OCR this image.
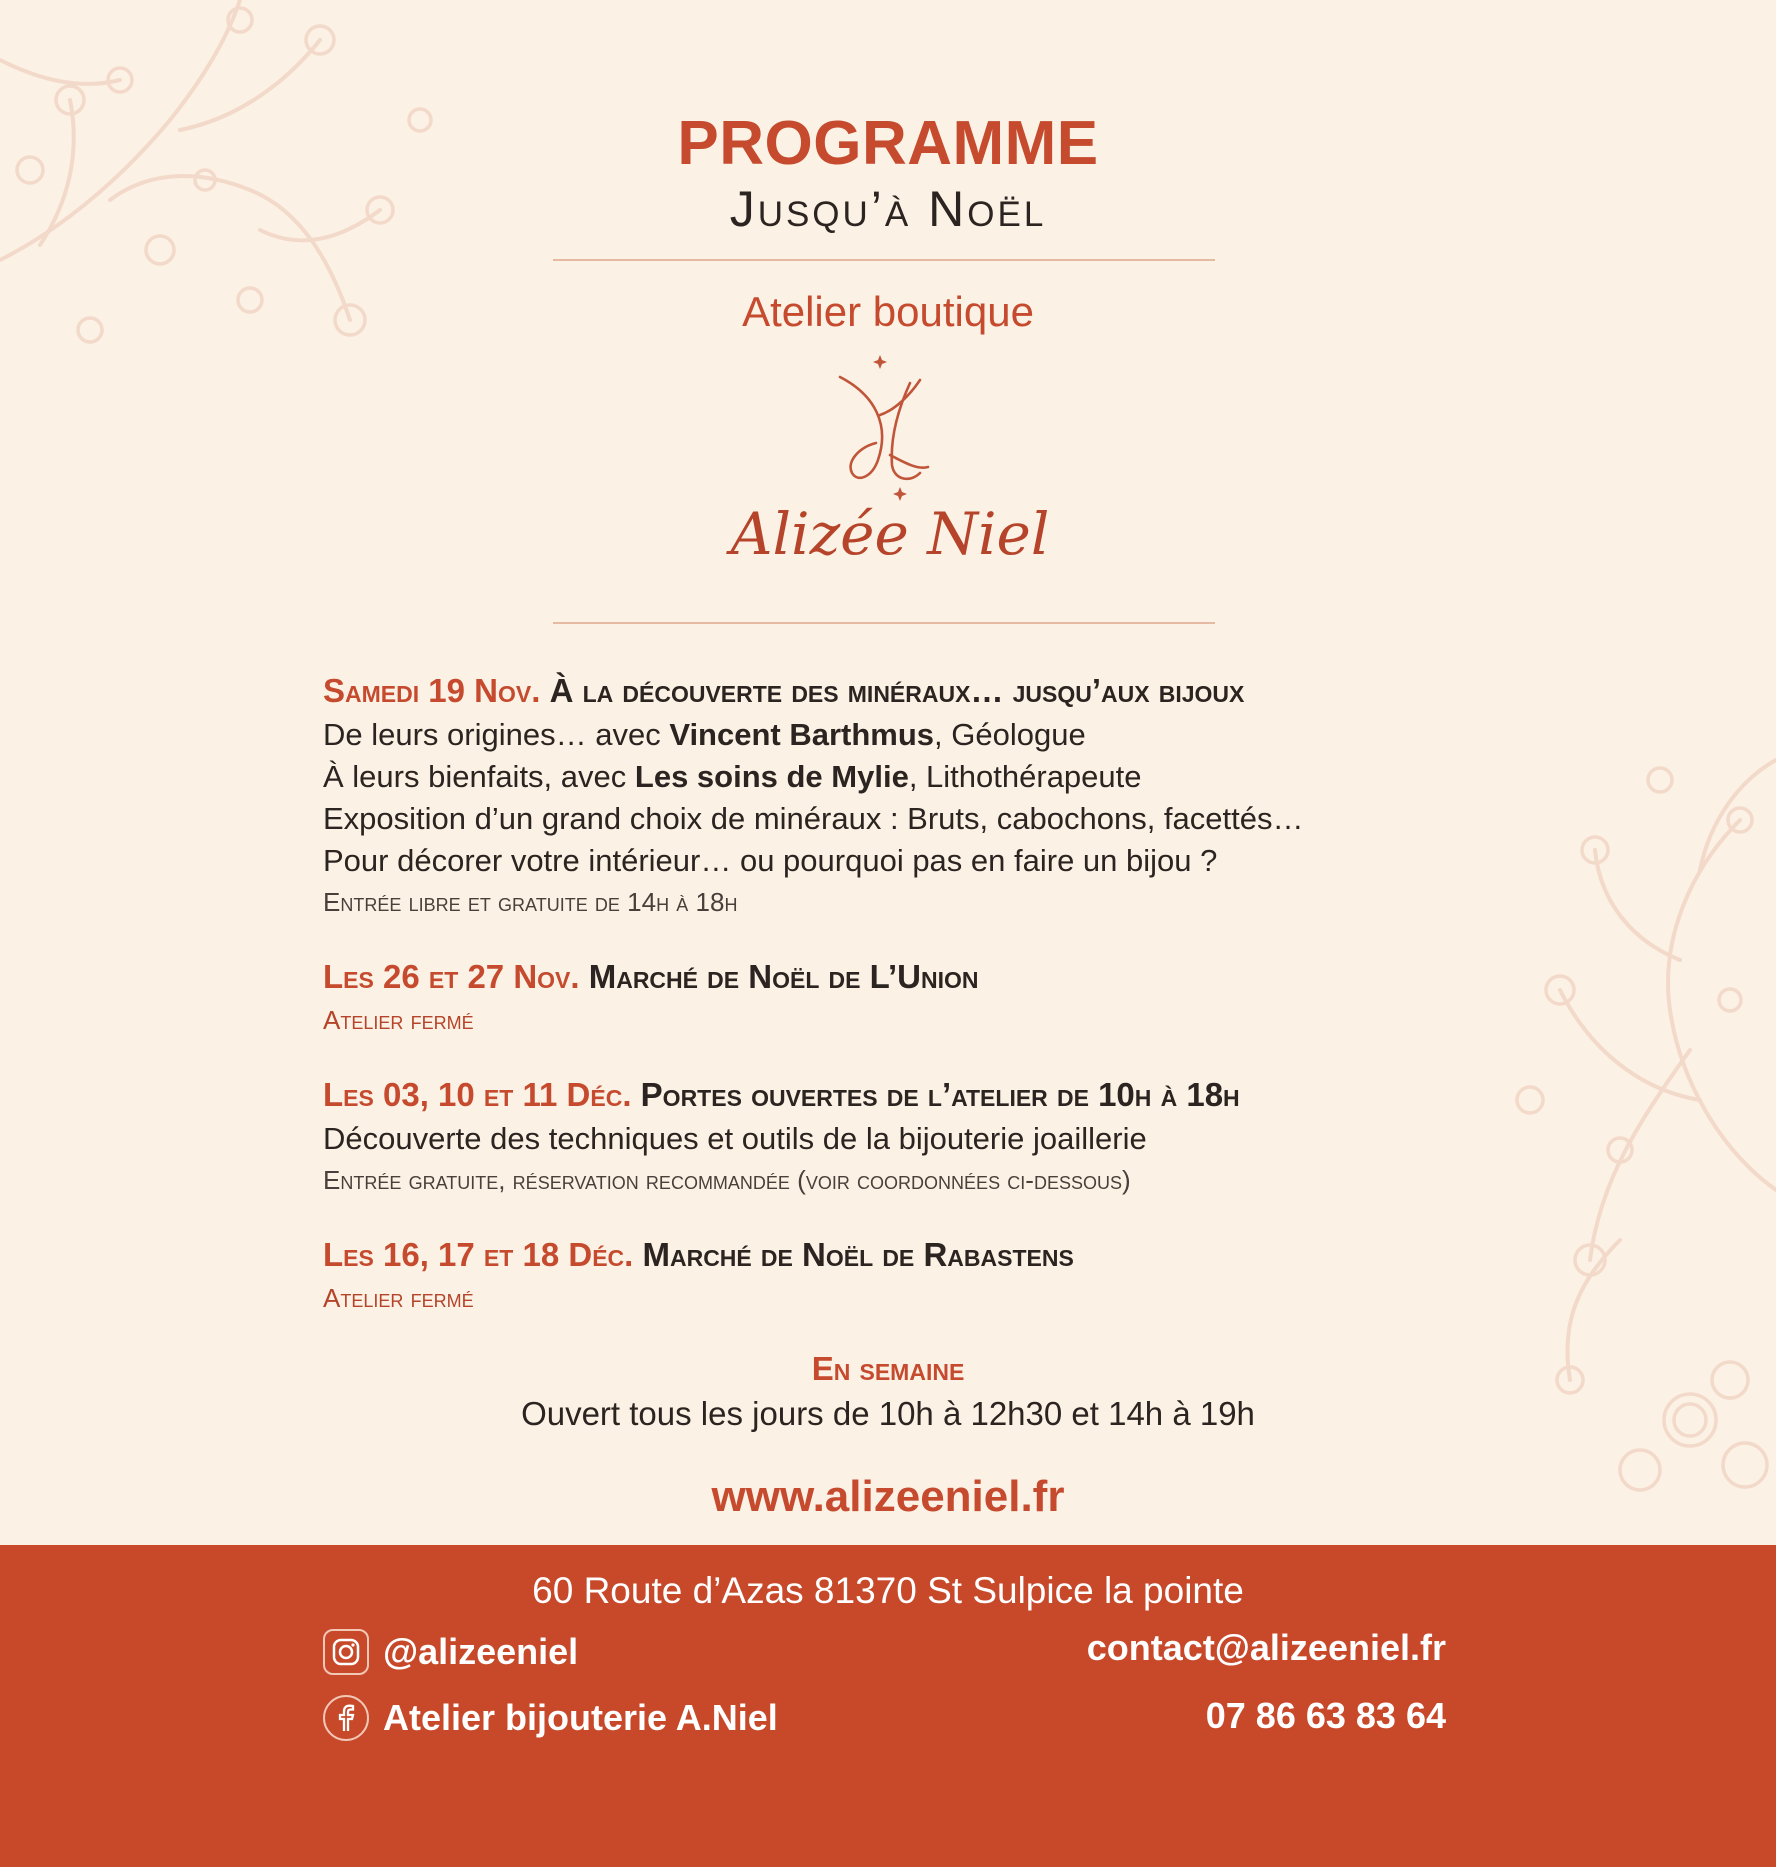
PROGRAMME
Jusqu’à Noël
Atelier boutique
Alizée Niel
Samedi 19 Nov. À la découverte des minéraux… jusqu’aux bijoux
De leurs origines… avec Vincent Barthmus, Géologue
À leurs bienfaits, avec Les soins de Mylie, Lithothérapeute
Exposition d’un grand choix de minéraux : Bruts, cabochons, facettés…
Pour décorer votre intérieur… ou pourquoi pas en faire un bijou ?
Entrée libre et gratuite de 14h à 18h
Les 26 et 27 Nov. Marché de Noël de L’Union
Atelier fermé
Les 03, 10 et 11 Déc. Portes ouvertes de l’atelier de 10h à 18h
Découverte des techniques et outils de la bijouterie joaillerie
Entrée gratuite, réservation recommandée (voir coordonnées ci-dessous)
Les 16, 17 et 18 Déc. Marché de Noël de Rabastens
Atelier fermé
En semaine
Ouvert tous les jours de 10h à 12h30 et 14h à 19h
www.alizeeniel.fr
60 Route d’Azas 81370 St Sulpice la pointe
@alizeeniel	contact@alizeeniel.fr
Atelier bijouterie A.Niel	07 86 63 83 64
